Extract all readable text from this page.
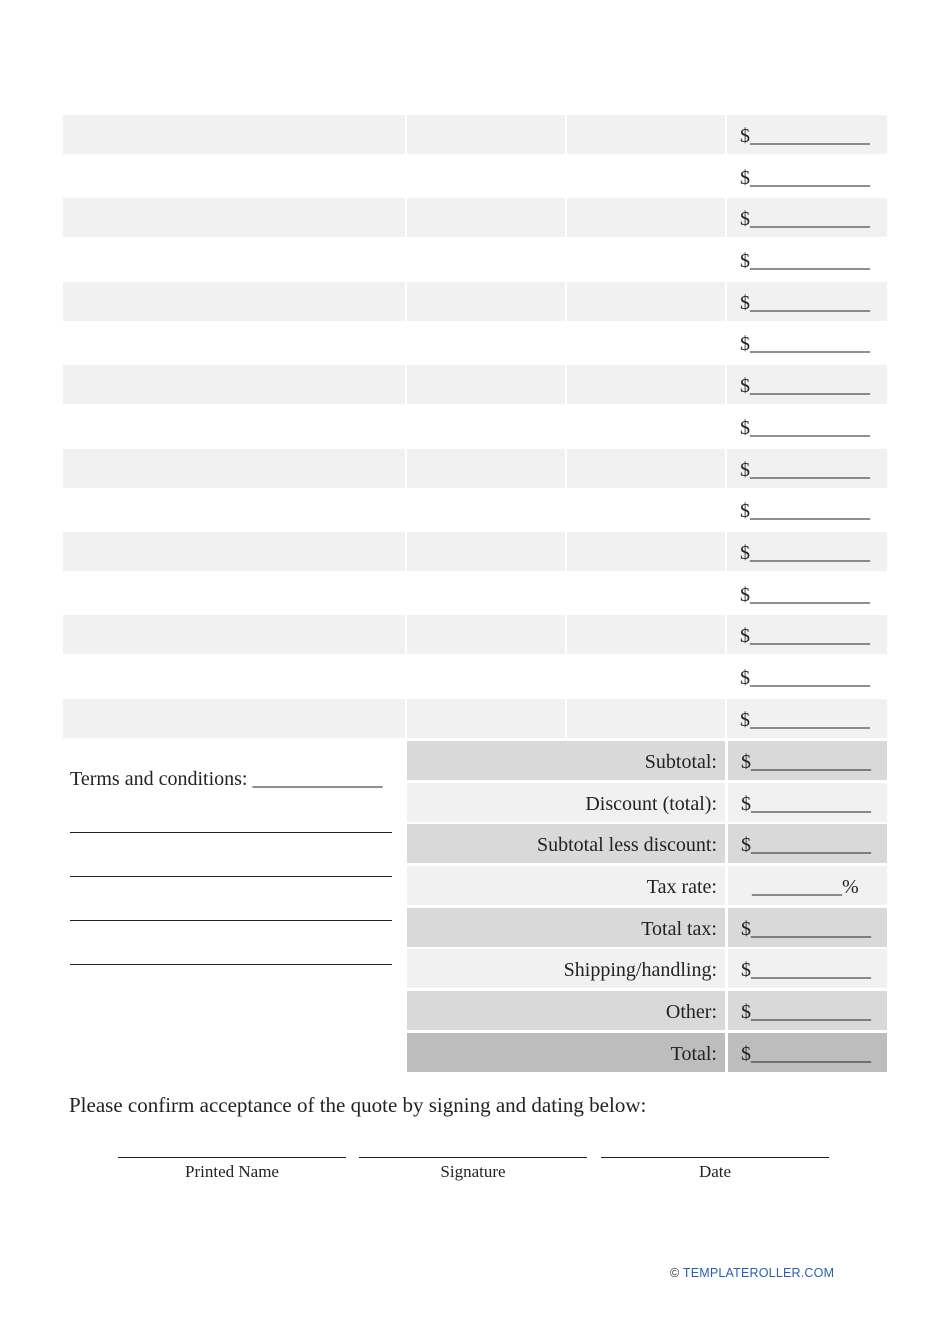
$____________
$____________
$____________
$____________
$____________
$____________
$____________
$____________
$____________
$____________
$____________
$____________
$____________
$____________
$____________
Subtotal:	$____________
Discount (total):	$____________
Subtotal less discount:	$____________
Tax rate:	_________%
Total tax:	$____________
Shipping/handling:	$____________
Other:	$____________
Total:	$____________
Terms and conditions: _____________
Please confirm acceptance of the quote by signing and dating below:
Printed Name	Signature	Date
© TEMPLATEROLLER.COM
